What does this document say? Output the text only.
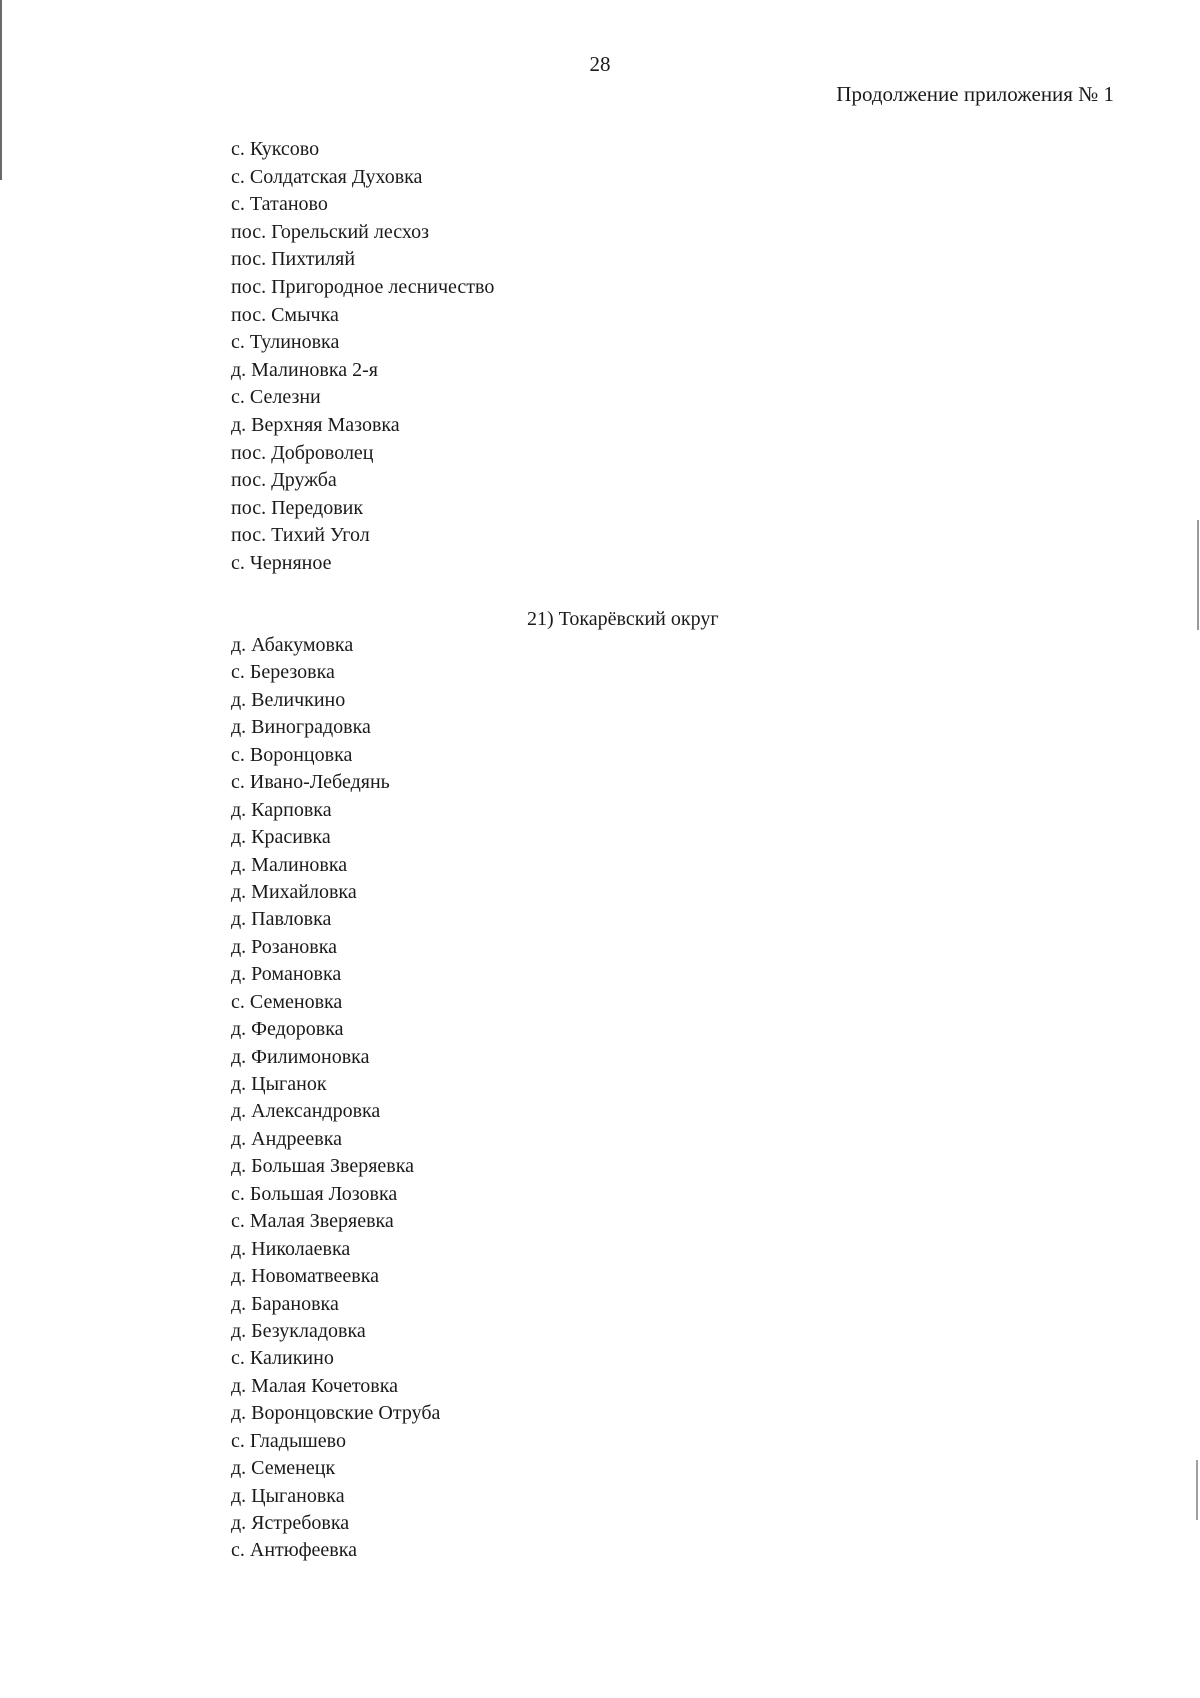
28
Продолжение приложения № 1
с. Куксово
с. Солдатская Духовка
с. Татаново
пос. Горельский лесхоз
пос. Пихтиляй
пос. Пригородное лесничество
пос. Смычка
с. Тулиновка
д. Малиновка 2-я
с. Селезни
д. Верхняя Мазовка
пос. Доброволец
пос. Дружба
пос. Передовик
пос. Тихий Угол
с. Черняное
21) Токарёвский округ
д. Абакумовка
с. Березовка
д. Величкино
д. Виноградовка
с. Воронцовка
с. Ивано-Лебедянь
д. Карповка
д. Красивка
д. Малиновка
д. Михайловка
д. Павловка
д. Розановка
д. Романовка
с. Семеновка
д. Федоровка
д. Филимоновка
д. Цыганок
д. Александровка
д. Андреевка
д. Большая Зверяевка
с. Большая Лозовка
с. Малая Зверяевка
д. Николаевка
д. Новоматвеевка
д. Барановка
д. Безукладовка
с. Каликино
д. Малая Кочетовка
д. Воронцовские Отруба
с. Гладышево
д. Семенецк
д. Цыгановка
д. Ястребовка
с. Антюфеевка
